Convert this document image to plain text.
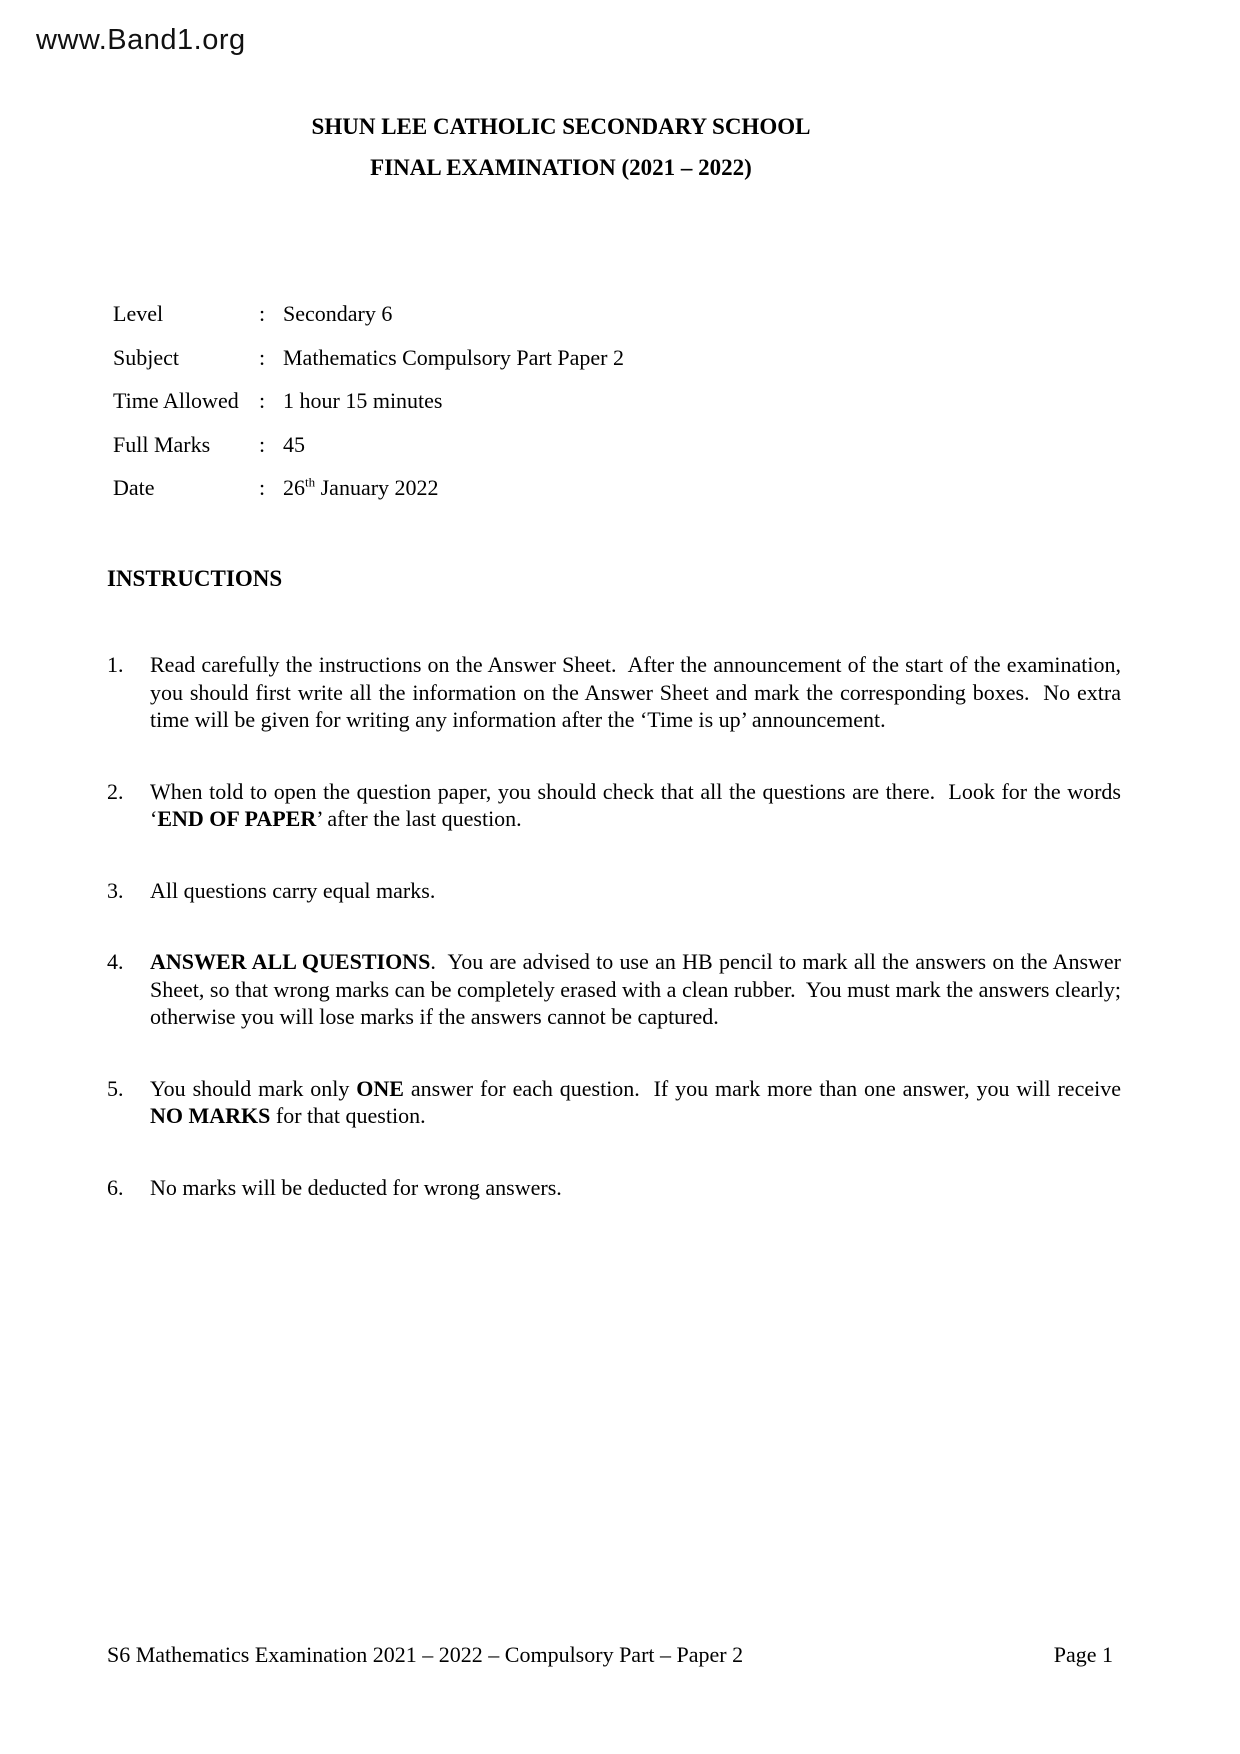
www.Band1.org
SHUN LEE CATHOLIC SECONDARY SCHOOL
FINAL EXAMINATION (2021 – 2022)
Level	: Secondary 6
Subject	: Mathematics Compulsory Part Paper 2
Time Allowed : 1 hour 15 minutes
Full Marks	: 45
Date	: 26th January 2022
INSTRUCTIONS
1.	Read carefully the instructions on the Answer Sheet.  After the announcement of the start of the examination, you should first write all the information on the Answer Sheet and mark the corresponding boxes.  No extra time will be given for writing any information after the ‘Time is up’ announcement.
2.	When told to open the question paper, you should check that all the questions are there.  Look for the words ‘END OF PAPER’ after the last question.
3.	All questions carry equal marks.
4.	ANSWER ALL QUESTIONS.  You are advised to use an HB pencil to mark all the answers on the Answer Sheet, so that wrong marks can be completely erased with a clean rubber.  You must mark the answers clearly; otherwise you will lose marks if the answers cannot be captured.
5.	You should mark only ONE answer for each question.  If you mark more than one answer, you will receive NO MARKS for that question.
6.	No marks will be deducted for wrong answers.
S6 Mathematics Examination 2021 – 2022 – Compulsory Part – Paper 2	Page 1
